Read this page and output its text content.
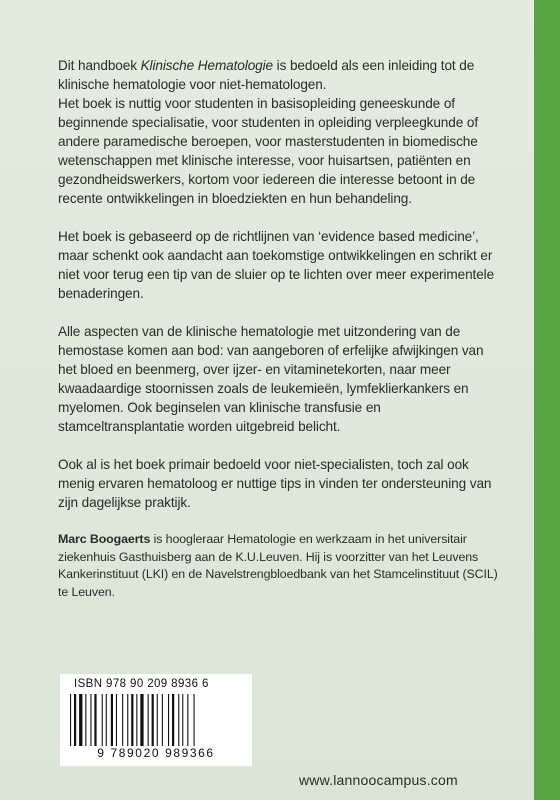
Dit handboek Klinische Hematologie is bedoeld als een inleiding tot de klinische hematologie voor niet-hematologen.

Het boek is nuttig voor studenten in basisopleiding geneeskunde of beginnende specialisatie, voor studenten in opleiding verpleegkunde of andere paramedische beroepen, voor masterstudenten in biomedische wetenschappen met klinische interesse, voor huisartsen, patiënten en gezondheidswerkers, kortom voor iedereen die interesse betoont in de recente ontwikkelingen in bloedziekten en hun behandeling.

Het boek is gebaseerd op de richtlijnen van ‘evidence based medicine’, maar schenkt ook aandacht aan toekomstige ontwikkelingen en schrikt er niet voor terug een tip van de sluier op te lichten over meer experimentele benaderingen.

Alle aspecten van de klinische hematologie met uitzondering van de hemostase komen aan bod: van aangeboren of erfelijke afwijkingen van het bloed en beenmerg, over ijzer- en vitaminetekorten, naar meer kwaadaardige stoornissen zoals de leukemieën, lymfeklierkankers en myelomen. Ook beginselen van klinische transfusie en stamceltransplantatie worden uitgebreid belicht.

Ook al is het boek primair bedoeld voor niet-specialisten, toch zal ook menig ervaren hematoloog er nuttige tips in vinden ter ondersteuning van zijn dagelijkse praktijk.

Marc Boogaerts is hoogleraar Hematologie en werkzaam in het universitair ziekenhuis Gasthuisberg aan de K.U.Leuven. Hij is voorzitter van het Leuvens Kankerinstituut (LKI) en de Navelstrengbloedbank van het Stamcelinstituut (SCIL) te Leuven.

ISBN 978 90 209 8936 6
9 789020 989366
www.lannoocampus.com
